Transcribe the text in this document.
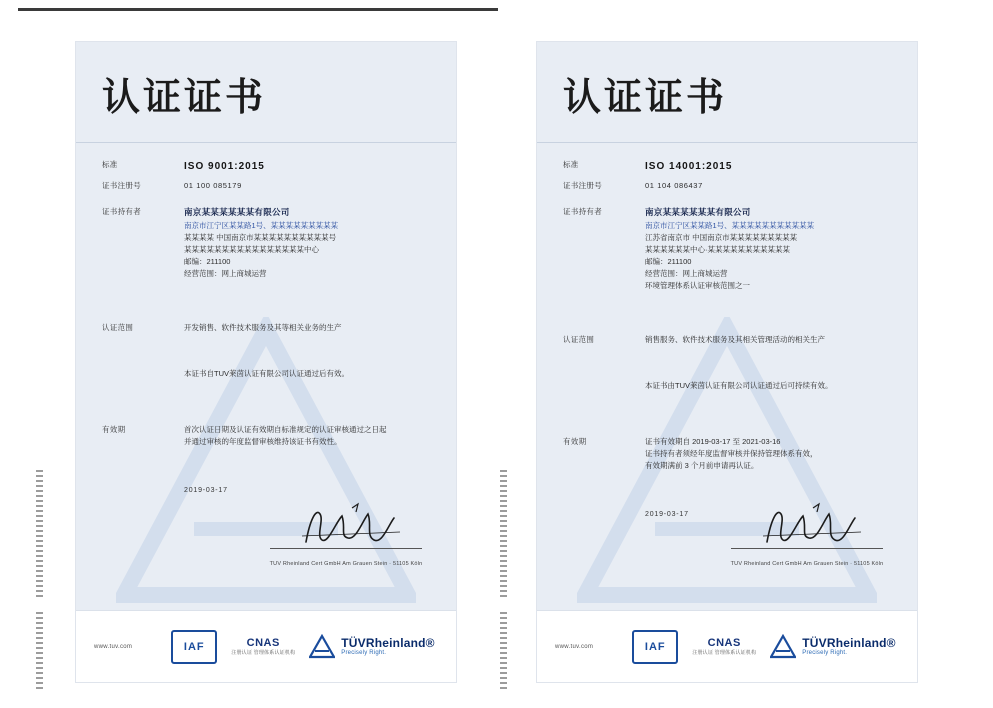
认证证书
标准	ISO 9001:2015
证书注册号	01 100 085179
证书持有者	南京某某某某某某有限公司
南京市江宁区某某路1号、某某某某某某某某某
某某某某 中国南京市某某某某某某某某某某号
某某某某某某某某某某某某某某某某中心
邮编：211100
经营范围：网上商城运营
认证范围	开发销售、软件技术服务及其等相关业务的生产
本证书自TUV莱茵认证有限公司认证通过后有效。
有效期	首次认证日期及认证有效期自标准规定的认证审核通过之日起
并通过审核的年度监督审核维持该证书有效性。
2019-03-17
TUV Rheinland Cert GmbH Am Grauen Stein · 51105 Köln
www.tuv.com	IAF	CNAS
注册认证 管理体系认证机构
TÜVRheinland®
Precisely Right.
认证证书
标准	ISO 14001:2015
证书注册号	01 104 086437
证书持有者	南京某某某某某某有限公司
南京市江宁区某某路1号、某某某某某某某某某某某
江苏省南京市 中国南京市某某某某某某某某某
某某某某某某中心·某某某某某某某某某某某
邮编：211100
经营范围：网上商城运营
环境管理体系认证审核范围之一
认证范围	销售服务、软件技术服务及其相关管理活动的相关生产
本证书由TUV莱茵认证有限公司认证通过后可持续有效。
有效期	证书有效期自 2019-03-17 至 2021-03-16
证书持有者须经年度监督审核并保持管理体系有效，
有效期满前 3 个月前申请再认证。
2019-03-17
TUV Rheinland Cert GmbH Am Grauen Stein · 51105 Köln
www.tuv.com	IAF	CNAS
注册认证 管理体系认证机构
TÜVRheinland®
Precisely Right.
